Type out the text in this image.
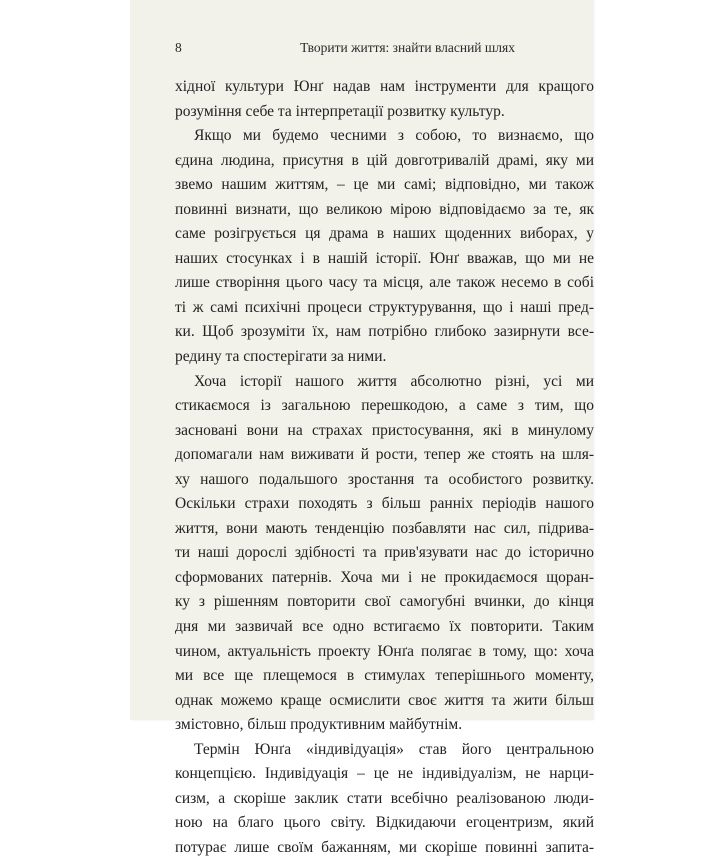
8	Творити життя: знайти власний шлях
хідної культури Юнґ надав нам інструменти для кращого
розуміння себе та інтерпретації розвитку культур.
Якщо ми будемо чесними з собою, то визнаємо, що
єдина людина, присутня в цій довготривалій драмі, яку ми
звемо нашим життям, – це ми самі; відповідно, ми також
повинні визнати, що великою мірою відповідаємо за те, як
саме розігрується ця драма в наших щоденних виборах, у
наших стосунках і в нашій історії. Юнґ вважав, що ми не
лише створіння цього часу та місця, але також несемо в собі
ті ж самі психічні процеси структурування, що і наші пред-
ки. Щоб зрозуміти їх, нам потрібно глибоко зазирнути все-
редину та спостерігати за ними.
Хоча історії нашого життя абсолютно різні, усі ми
стикаємося із загальною перешкодою, а саме з тим, що
засновані вони на страхах пристосування, які в минулому
допомагали нам виживати й рости, тепер же стоять на шля-
ху нашого подальшого зростання та особистого розвитку.
Оскільки страхи походять з більш ранніх періодів нашого
життя, вони мають тенденцію позбавляти нас сил, підрива-
ти наші дорослі здібності та прив'язувати нас до історично
сформованих патернів. Хоча ми і не прокидаємося щоран-
ку з рішенням повторити свої самогубні вчинки, до кінця
дня ми зазвичай все одно встигаємо їх повторити. Таким
чином, актуальність проекту Юнґа полягає в тому, що: хоча
ми все ще плещемося в стимулах теперішнього моменту,
однак можемо краще осмислити своє життя та жити більш
змістовно, більш продуктивним майбутнім.
Термін Юнґа «індивідуація» став його центральною
концепцією. Індивідуація – це не індивідуалізм, не нарци-
сизм, а скоріше заклик стати всебічно реалізованою люди-
ною на благо цього світу. Відкидаючи егоцентризм, який
потурає лише своїм бажанням, ми скоріше повинні запита-
